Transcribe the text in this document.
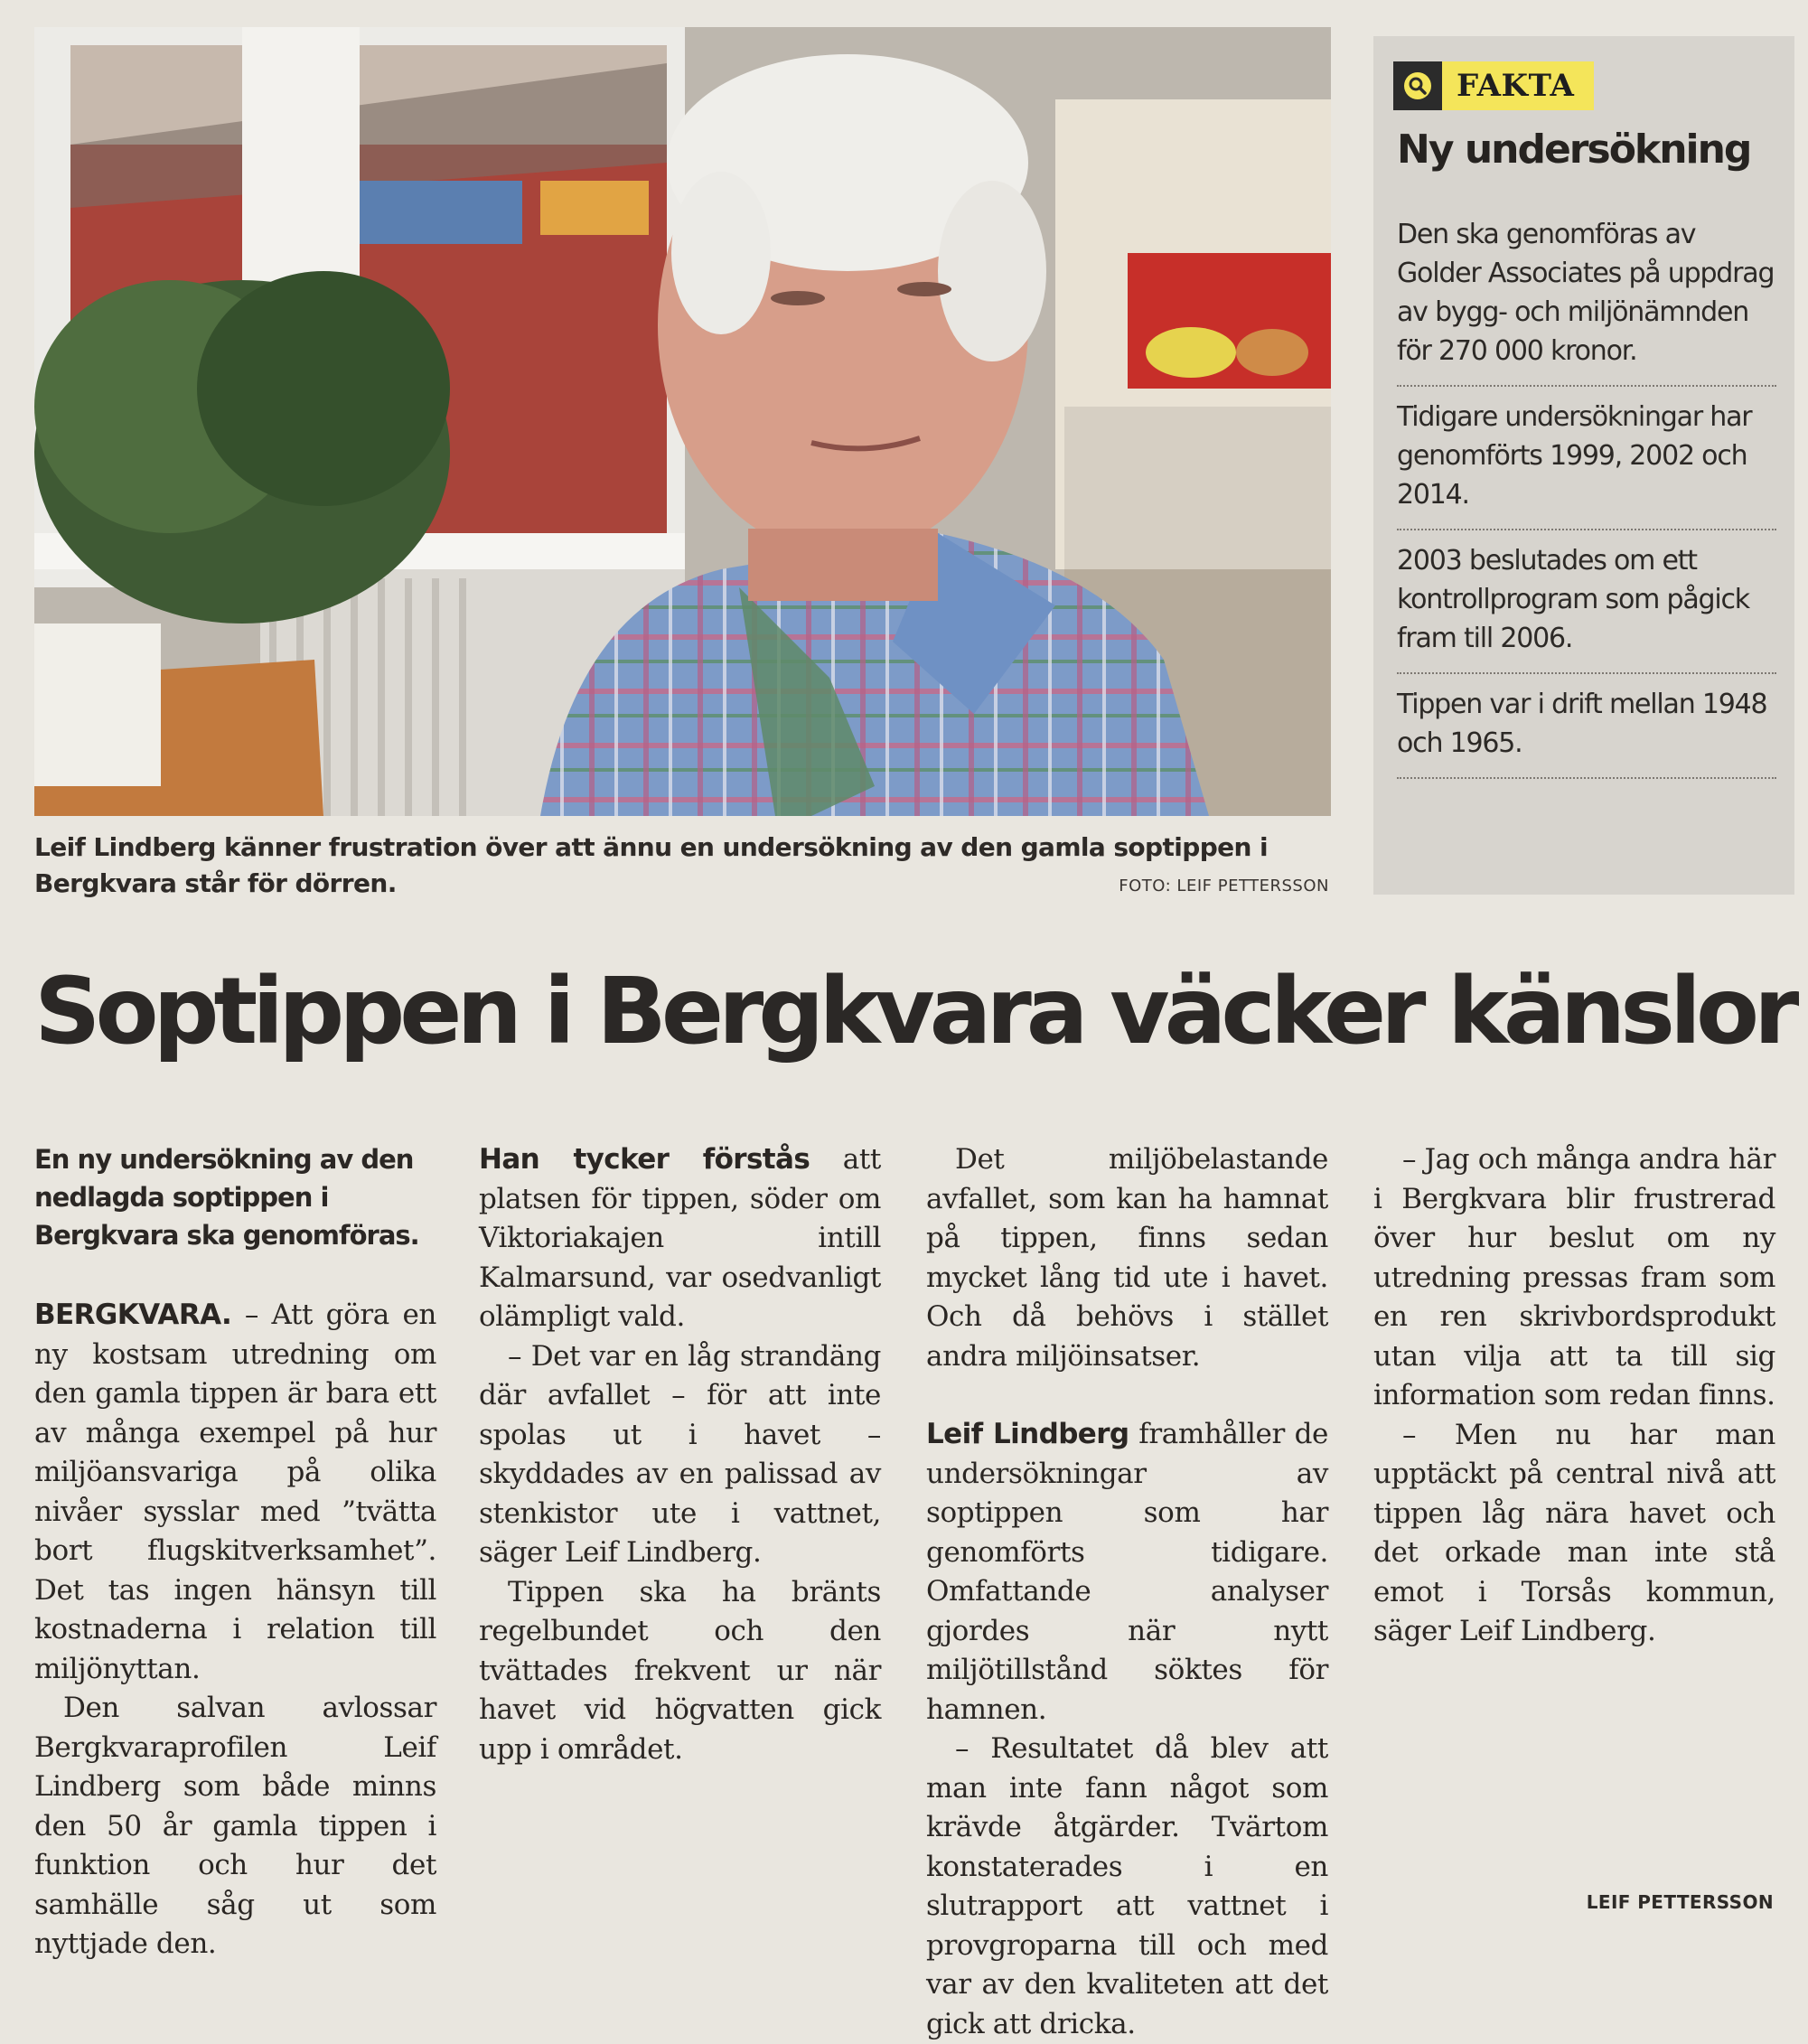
Leif Lindberg känner frustration över att ännu en undersökning av den gamla soptippen i Bergkvara står för dörren.	FOTO: LEIF PETTERSSON
FAKTA
Ny undersökning
Den ska genomföras av Golder Associates på uppdrag av bygg- och miljönämnden för 270 000 kronor.
Tidigare undersökningar har genomförts 1999, 2002 och 2014.
2003 beslutades om ett kontrollprogram som pågick fram till 2006.
Tippen var i drift mellan 1948 och 1965.
Soptippen i Bergkvara väcker känslor
En ny undersökning av den nedlagda soptippen i Bergkvara ska genomföras.

BERGKVARA. – Att göra en ny kostsam utredning om den gamla tippen är bara ett av många exempel på hur miljöansvariga på olika nivåer sysslar med ”tvätta bort flugskitverksamhet”. Det tas ingen hänsyn till kostnaderna i relation till miljönyttan.

Den salvan avlossar Bergkvaraprofilen Leif Lindberg som både minns den 50 år gamla tippen i funktion och hur det samhälle såg ut som nyttjade den.

Han tycker förstås att platsen för tippen, söder om Viktoriakajen intill Kalmarsund, var osedvanligt olämpligt vald.

– Det var en låg strandäng där avfallet – för att inte spolas ut i havet – skyddades av en palissad av stenkistor ute i vattnet, säger Leif Lindberg.

Tippen ska ha bränts regelbundet och den tvättades frekvent ur när havet vid högvatten gick upp i området.

Det miljöbelastande avfallet, som kan ha hamnat på tippen, finns sedan mycket lång tid ute i havet. Och då behövs i stället andra miljöinsatser.

Leif Lindberg framhåller de undersökningar av soptippen som har genomförts tidigare. Omfattande analyser gjordes när nytt miljötillstånd söktes för hamnen.

– Resultatet då blev att man inte fann något som krävde åtgärder. Tvärtom konstaterades i en slutrapport att vattnet i provgroparna till och med var av den kvaliteten att det gick att dricka.

– Jag och många andra här i Bergkvara blir frustrerad över hur beslut om ny utredning pressas fram som en ren skrivbordsprodukt utan vilja att ta till sig information som redan finns.

– Men nu har man upptäckt på central nivå att tippen låg nära havet och det orkade man inte stå emot i Torsås kommun, säger Leif Lindberg.

LEIF PETTERSSON
